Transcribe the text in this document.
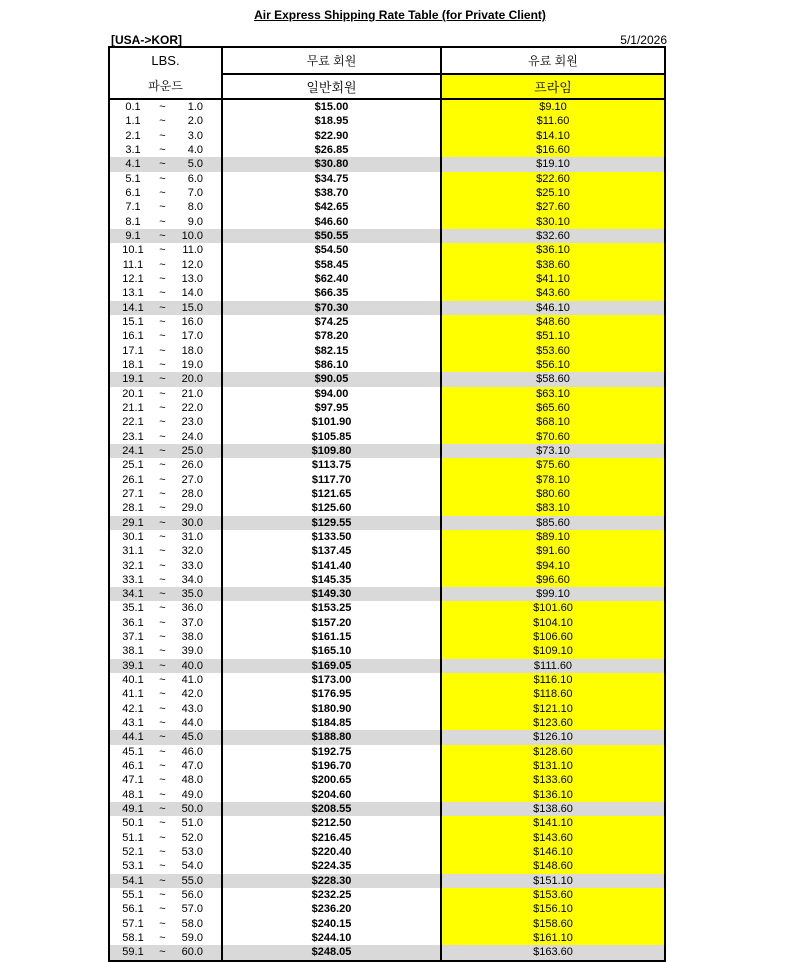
Air Express Shipping Rate Table (for Private Client)
[USA->KOR]	5/1/2026
LBS.	무료 회원	유료 회원
파운드	일반회원	프라임
0.1	~	1.0	$15.00	$9.10
1.1	~	2.0	$18.95	$11.60
2.1	~	3.0	$22.90	$14.10
3.1	~	4.0	$26.85	$16.60
4.1	~	5.0	$30.80	$19.10
5.1	~	6.0	$34.75	$22.60
6.1	~	7.0	$38.70	$25.10
7.1	~	8.0	$42.65	$27.60
8.1	~	9.0	$46.60	$30.10
9.1	~	10.0	$50.55	$32.60
10.1	~	11.0	$54.50	$36.10
11.1	~	12.0	$58.45	$38.60
12.1	~	13.0	$62.40	$41.10
13.1	~	14.0	$66.35	$43.60
14.1	~	15.0	$70.30	$46.10
15.1	~	16.0	$74.25	$48.60
16.1	~	17.0	$78.20	$51.10
17.1	~	18.0	$82.15	$53.60
18.1	~	19.0	$86.10	$56.10
19.1	~	20.0	$90.05	$58.60
20.1	~	21.0	$94.00	$63.10
21.1	~	22.0	$97.95	$65.60
22.1	~	23.0	$101.90	$68.10
23.1	~	24.0	$105.85	$70.60
24.1	~	25.0	$109.80	$73.10
25.1	~	26.0	$113.75	$75.60
26.1	~	27.0	$117.70	$78.10
27.1	~	28.0	$121.65	$80.60
28.1	~	29.0	$125.60	$83.10
29.1	~	30.0	$129.55	$85.60
30.1	~	31.0	$133.50	$89.10
31.1	~	32.0	$137.45	$91.60
32.1	~	33.0	$141.40	$94.10
33.1	~	34.0	$145.35	$96.60
34.1	~	35.0	$149.30	$99.10
35.1	~	36.0	$153.25	$101.60
36.1	~	37.0	$157.20	$104.10
37.1	~	38.0	$161.15	$106.60
38.1	~	39.0	$165.10	$109.10
39.1	~	40.0	$169.05	$111.60
40.1	~	41.0	$173.00	$116.10
41.1	~	42.0	$176.95	$118.60
42.1	~	43.0	$180.90	$121.10
43.1	~	44.0	$184.85	$123.60
44.1	~	45.0	$188.80	$126.10
45.1	~	46.0	$192.75	$128.60
46.1	~	47.0	$196.70	$131.10
47.1	~	48.0	$200.65	$133.60
48.1	~	49.0	$204.60	$136.10
49.1	~	50.0	$208.55	$138.60
50.1	~	51.0	$212.50	$141.10
51.1	~	52.0	$216.45	$143.60
52.1	~	53.0	$220.40	$146.10
53.1	~	54.0	$224.35	$148.60
54.1	~	55.0	$228.30	$151.10
55.1	~	56.0	$232.25	$153.60
56.1	~	57.0	$236.20	$156.10
57.1	~	58.0	$240.15	$158.60
58.1	~	59.0	$244.10	$161.10
59.1	~	60.0	$248.05	$163.60
